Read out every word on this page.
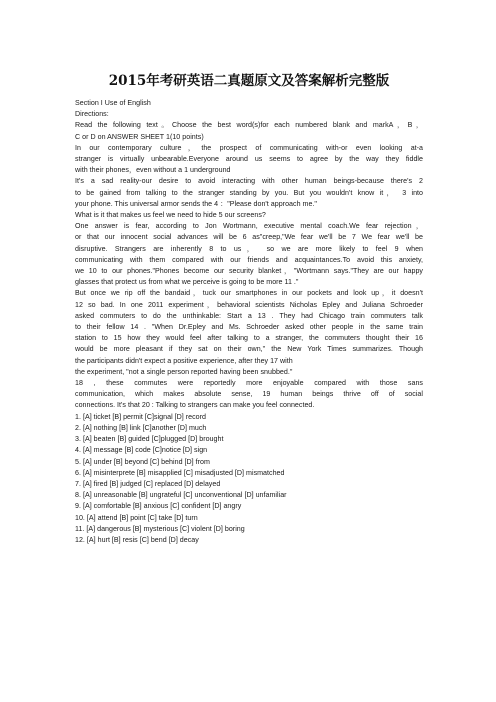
2015年考研英语二真题原文及答案解析完整版
Section I Use of English
Directions:
Read the following text。Choose the best word(s)for each numbered blank and markA，B，
C or D on ANSWER SHEET 1(10 points)
In our contemporary culture，the prospect of communicating with-or even looking at-a
stranger is virtually unbearable.Everyone around us seems to agree by the way they fiddle
with their phones，even without a 1 underground
It's a sad reality-our desire to avoid interacting with other human beings-because there's 2
to be gained from talking to the stranger standing by you. But you wouldn't know it， 3 into
your phone. This universal armor sends the 4 ："Please don't approach me."
What is it that makes us feel we need to hide 5 our screens?
One answer is fear, according to Jon Wortmann, executive mental coach.We fear rejection，
or that our innocent social advances will be 6 as"creep,"We fear we'll be 7 We fear we'll be
disruptive. Strangers are inherently 8 to us， so we are more likely to feel 9 when
communicating with them compared with our friends and acquaintances.To avoid this anxiety,
we 10 to our phones."Phones become our security blanket，"Wortmann says."They are our happy
glasses that protect us from what we perceive is going to be more 11 ."
But once we rip off the bandaid，tuck our smartphones in our pockets and look up，it doesn't
12 so bad. In one 2011 experiment，behavioral scientists Nicholas Epley and Juliana Schroeder
asked commuters to do the unthinkable: Start a 13 . They had Chicago train commuters talk
to their fellow 14 . "When Dr.Epley and Ms. Schroeder asked other people in the same train
station to 15 how they would feel after talking to a stranger, the commuters thought their 16
would be more pleasant if they sat on their own," the New York Times summarizes. Though
the participants didn't expect a positive experience, after they 17 with
the experiment, "not a single person reported having been snubbed."
18 , these commutes were reportedly more enjoyable compared with those sans
communication, which makes absolute sense, 19 human beings thrive off of social
connections. It's that 20 : Talking to strangers can make you feel connected.
1. [A] ticket [B] permit [C]signal [D] record
2. [A] nothing [B] link [C]another [D] much
3. [A] beaten [B] guided [C]plugged [D] brought
4. [A] message [B] code [C]notice [D] sign
5. [A] under [B] beyond [C] behind [D] from
6. [A] misinterprete [B] misapplied [C] misadjusted [D] mismatched
7. [A] fired [B] judged [C] replaced [D] delayed
8. [A] unreasonable [B] ungrateful [C] unconventional [D] unfamiliar
9. [A] comfortable [B] anxious [C] confident [D] angry
10. [A] attend [B] point [C] take [D] turn
11. [A] dangerous [B] mysterious [C] violent [D] boring
12. [A] hurt [B] resis [C] bend [D] decay
